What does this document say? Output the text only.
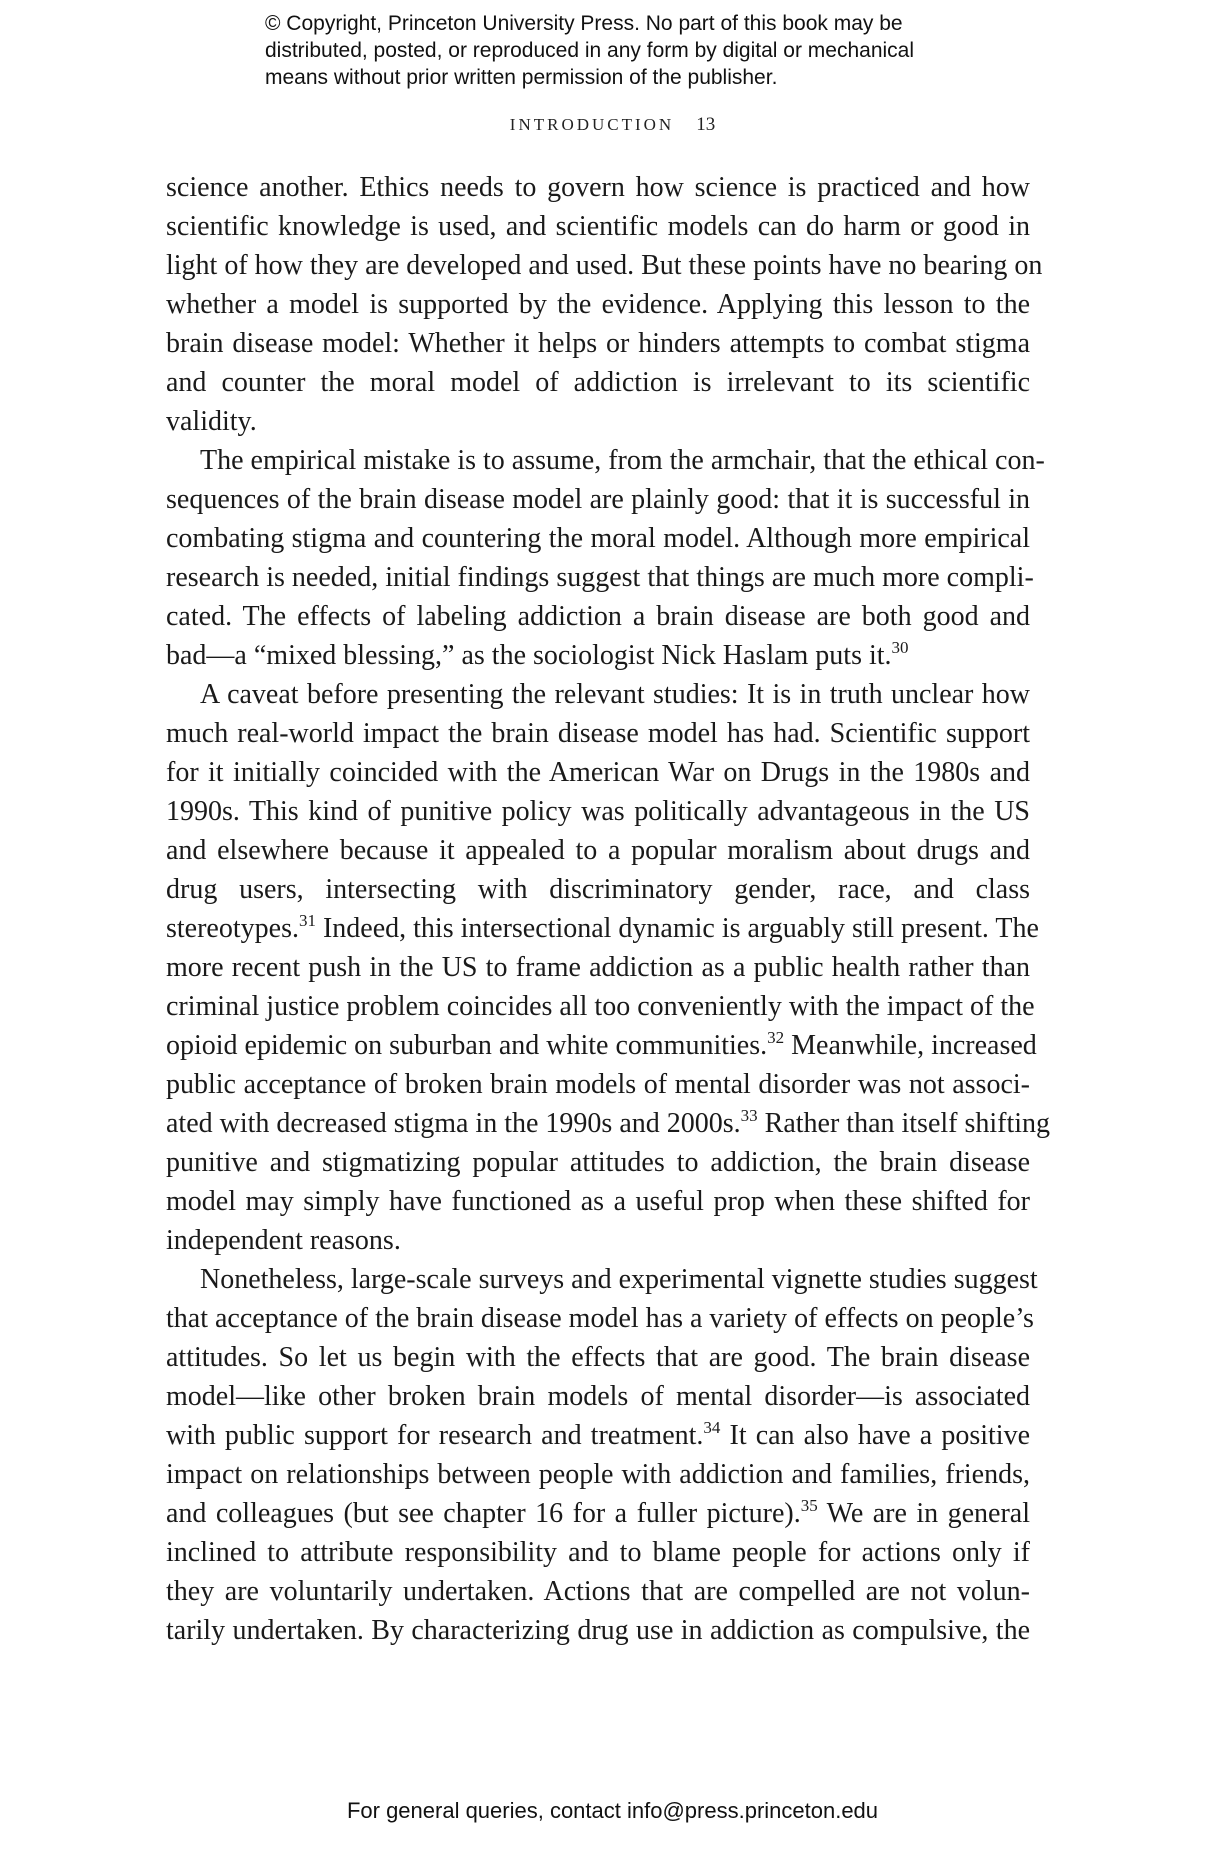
© Copyright, Princeton University Press. No part of this book may be
distributed, posted, or reproduced in any form by digital or mechanical
means without prior written permission of the publisher.
INTRODUCTION 13
science another. Ethics needs to govern how science is practiced and how
scientific knowledge is used, and scientific models can do harm or good in
light of how they are developed and used. But these points have no bearing on
whether a model is supported by the evidence. Applying this lesson to the
brain disease model: Whether it helps or hinders attempts to combat stigma
and counter the moral model of addiction is irrelevant to its scientific
validity.
The empirical mistake is to assume, from the armchair, that the ethical con-
sequences of the brain disease model are plainly good: that it is successful in
combating stigma and countering the moral model. Although more empirical
research is needed, initial findings suggest that things are much more compli-
cated. The effects of labeling addiction a brain disease are both good and
bad—a “mixed blessing,” as the sociologist Nick Haslam puts it.$^{30}$
A caveat before presenting the relevant studies: It is in truth unclear how
much real-world impact the brain disease model has had. Scientific support
for it initially coincided with the American War on Drugs in the 1980s and
1990s. This kind of punitive policy was politically advantageous in the US
and elsewhere because it appealed to a popular moralism about drugs and
drug users, intersecting with discriminatory gender, race, and class
stereotypes.$^{31}$ Indeed, this intersectional dynamic is arguably still present. The
more recent push in the US to frame addiction as a public health rather than
criminal justice problem coincides all too conveniently with the impact of the
opioid epidemic on suburban and white communities.$^{32}$ Meanwhile, increased
public acceptance of broken brain models of mental disorder was not associ-
ated with decreased stigma in the 1990s and 2000s.$^{33}$ Rather than itself shifting
punitive and stigmatizing popular attitudes to addiction, the brain disease
model may simply have functioned as a useful prop when these shifted for
independent reasons.
Nonetheless, large-scale surveys and experimental vignette studies suggest
that acceptance of the brain disease model has a variety of effects on people’s
attitudes. So let us begin with the effects that are good. The brain disease
model—like other broken brain models of mental disorder—is associated
with public support for research and treatment.$^{34}$ It can also have a positive
impact on relationships between people with addiction and families, friends,
and colleagues (but see chapter 16 for a fuller picture).$^{35}$ We are in general
inclined to attribute responsibility and to blame people for actions only if
they are voluntarily undertaken. Actions that are compelled are not volun-
tarily undertaken. By characterizing drug use in addiction as compulsive, the
For general queries, contact info@press.princeton.edu
